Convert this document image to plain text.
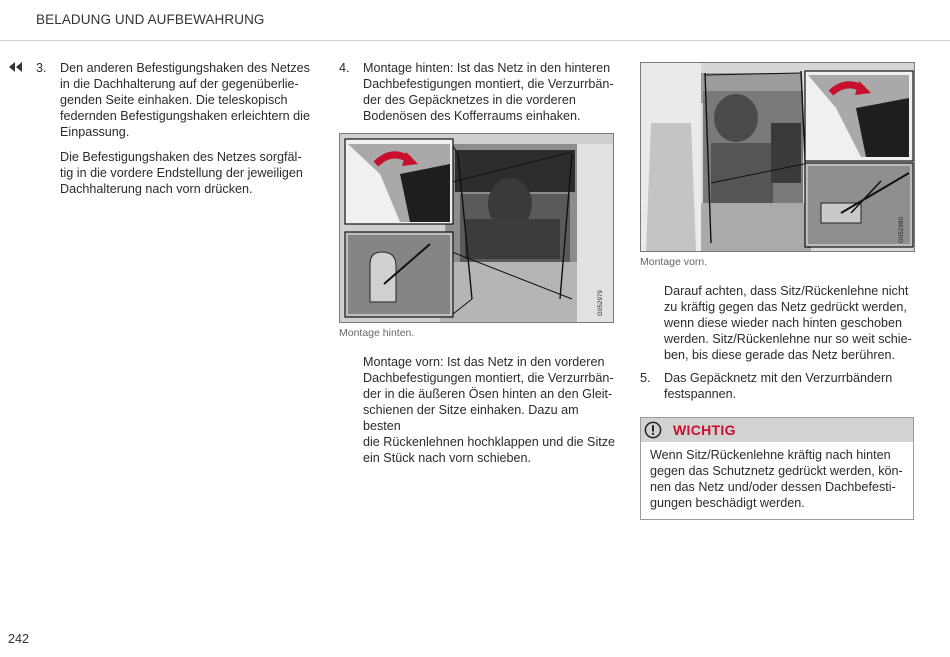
BELADUNG UND AUFBEWAHRUNG
3. Den anderen Befestigungshaken des Netzes

in die Dachhalterung auf der gegenüberlie-

genden Seite einhaken. Die teleskopisch

federnden Befestigungshaken erleichtern die

Einpassung.

Die Befestigungshaken des Netzes sorgfäl-

tig in die vordere Endstellung der jeweiligen

Dachhalterung nach vorn drücken.

4. Montage hinten: Ist das Netz in den hinteren

Dachbefestigungen montiert, die Verzurrbän-

der des Gepäcknetzes in die vorderen

Bodenösen des Kofferraums einhaken.

G052979
Montage hinten.

Montage vorn: Ist das Netz in den vorderen

Dachbefestigungen montiert, die Verzurrbän-

der in die äußeren Ösen hinten an den Gleit-

schienen der Sitze einhaken. Dazu am besten

die Rückenlehnen hochklappen und die Sitze

ein Stück nach vorn schieben.

G052980
Montage vorn.

Darauf achten, dass Sitz/Rückenlehne nicht

zu kräftig gegen das Netz gedrückt werden,

wenn diese wieder nach hinten geschoben

werden. Sitz/Rückenlehne nur so weit schie-

ben, bis diese gerade das Netz berühren.

5. Das Gepäcknetz mit den Verzurrbändern

festspannen.

WICHTIG

Wenn Sitz/Rückenlehne kräftig nach hinten

gegen das Schutznetz gedrückt werden, kön-

nen das Netz und/oder dessen Dachbefesti-

gungen beschädigt werden.

242
